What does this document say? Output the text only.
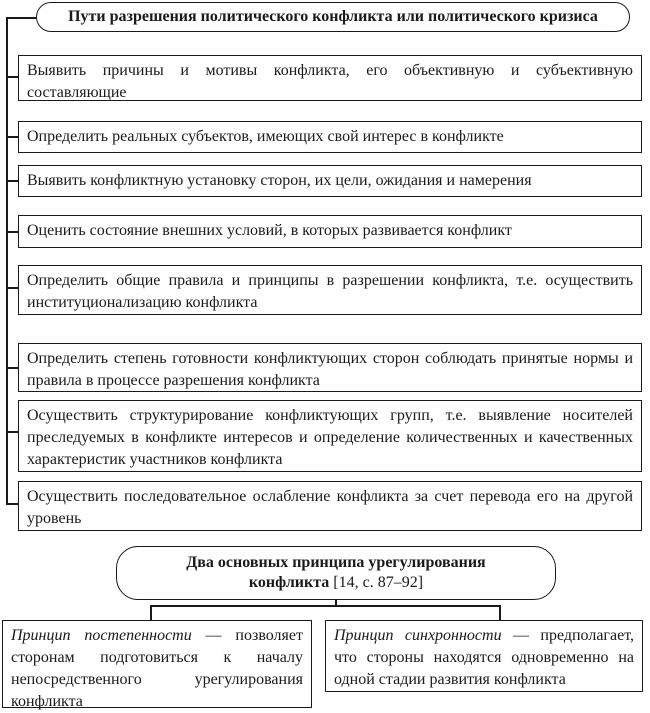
Пути разрешения политического конфликта или политического кризиса
Выявить причины и мотивы конфликта, его объективную и субъективную составляющие
Определить реальных субъектов, имеющих свой интерес в конфликте
Выявить конфликтную установку сторон, их цели, ожидания и намерения
Оценить состояние внешних условий, в которых развивается конфликт
Определить общие правила и принципы в разрешении конфликта, т.е. осуществить институционализацию конфликта
Определить степень готовности конфликтующих сторон соблюдать принятые нормы и правила в процессе разрешения конфликта
Осуществить структурирование конфликтующих групп, т.е. выявление носителей преследуемых в конфликте интересов и определение количественных и качественных характеристик участников конфликта
Осуществить последовательное ослабление конфликта за счет перевода его на другой уровень
Два основных принципа урегулирования
конфликта [14, с. 87–92]
Принцип постепенности — позволяет сторонам подготовиться к началу непосредственного урегулирования конфликта
Принцип синхронности — предполагает, что стороны находятся одновременно на одной стадии развития конфликта
